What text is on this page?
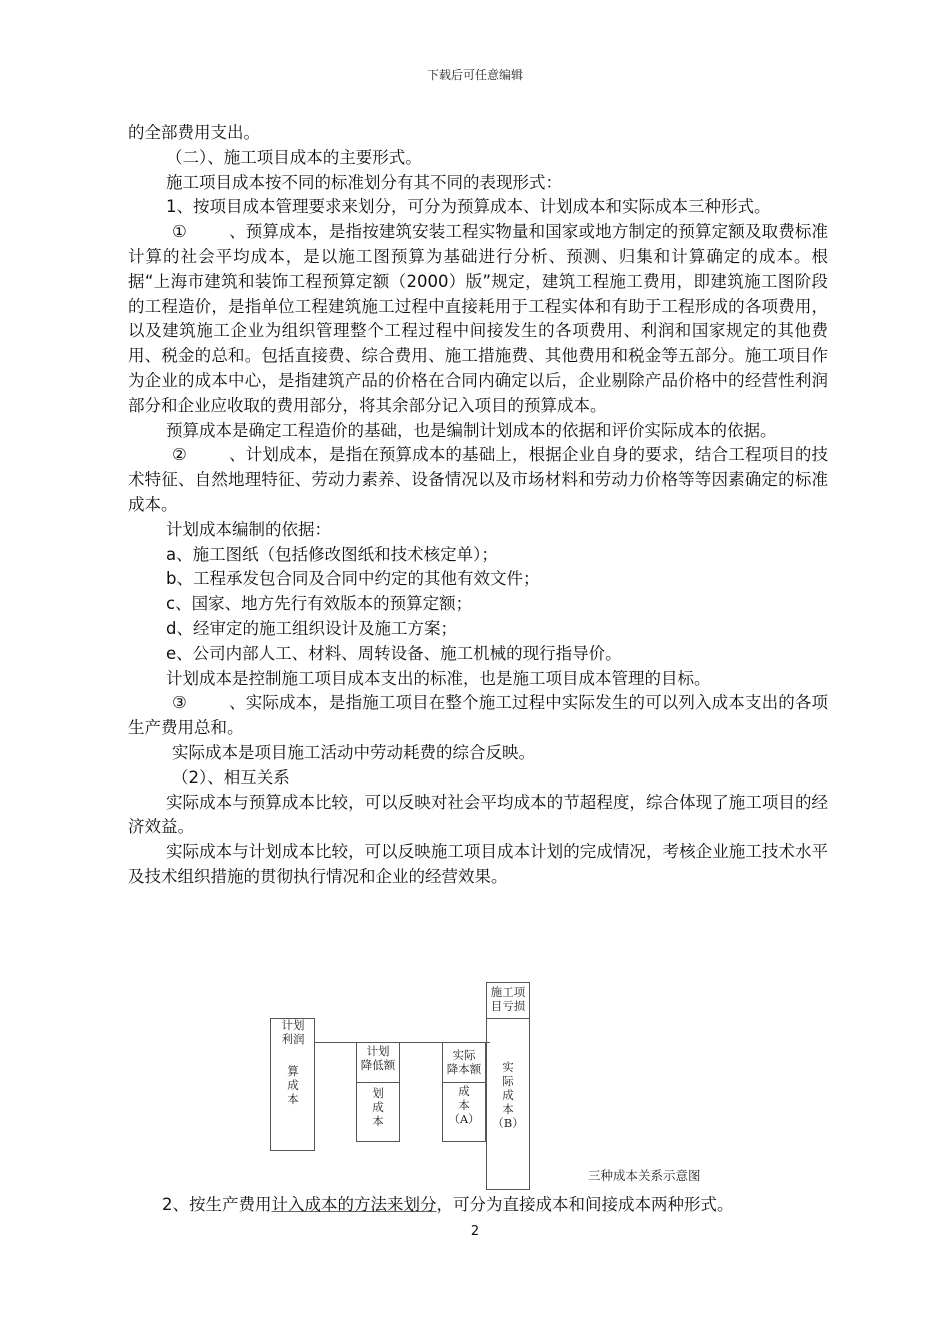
下载后可任意编辑

的全部费用支出。

（二）、施工项目成本的主要形式。

施工项目成本按不同的标准划分有其不同的表现形式：

1、按项目成本管理要求来划分，可分为预算成本、计划成本和实际成本三种形式。

①	、预算成本，是指按建筑安装工程实物量和国家或地方制定的预算定额及取费标准计算的社会平均成本，是以施工图预算为基础进行分析、预测、归集和计算确定的成本。根据“上海市建筑和装饰工程预算定额（2000）版”规定，建筑工程施工费用，即建筑施工图阶段的工程造价，是指单位工程建筑施工过程中直接耗用于工程实体和有助于工程形成的各项费用，以及建筑施工企业为组织管理整个工程过程中间接发生的各项费用、利润和国家规定的其他费用、税金的总和。包括直接费、综合费用、施工措施费、其他费用和税金等五部分。施工项目作为企业的成本中心，是指建筑产品的价格在合同内确定以后，企业剔除产品价格中的经营性利润部分和企业应收取的费用部分，将其余部分记入项目的预算成本。

预算成本是确定工程造价的基础，也是编制计划成本的依据和评价实际成本的依据。

②	、计划成本，是指在预算成本的基础上，根据企业自身的要求，结合工程项目的技术特征、自然地理特征、劳动力素养、设备情况以及市场材料和劳动力价格等等因素确定的标准成本。

计划成本编制的依据：

a、施工图纸（包括修改图纸和技术核定单）；

b、工程承发包合同及合同中约定的其他有效文件；

c、国家、地方先行有效版本的预算定额；

d、经审定的施工组织设计及施工方案；

e、公司内部人工、材料、周转设备、施工机械的现行指导价。

计划成本是控制施工项目成本支出的标准，也是施工项目成本管理的目标。

③	、实际成本，是指施工项目在整个施工过程中实际发生的可以列入成本支出的各项生产费用总和。

实际成本是项目施工活动中劳动耗费的综合反映。

（2）、相互关系

实际成本与预算成本比较，可以反映对社会平均成本的节超程度，综合体现了施工项目的经济效益。

实际成本与计划成本比较，可以反映施工项目成本计划的完成情况，考核企业施工技术水平及技术组织措施的贯彻执行情况和企业的经营效果。

计划
利润
算
成
本
计划
降低额
划
成
本
实际
降本额
成
本
（A）
施工项
目亏损
实
际
成
本
（B）
三种成本关系示意图
2、按生产费用计入成本的方法来划分，可分为直接成本和间接成本两种形式。
2
